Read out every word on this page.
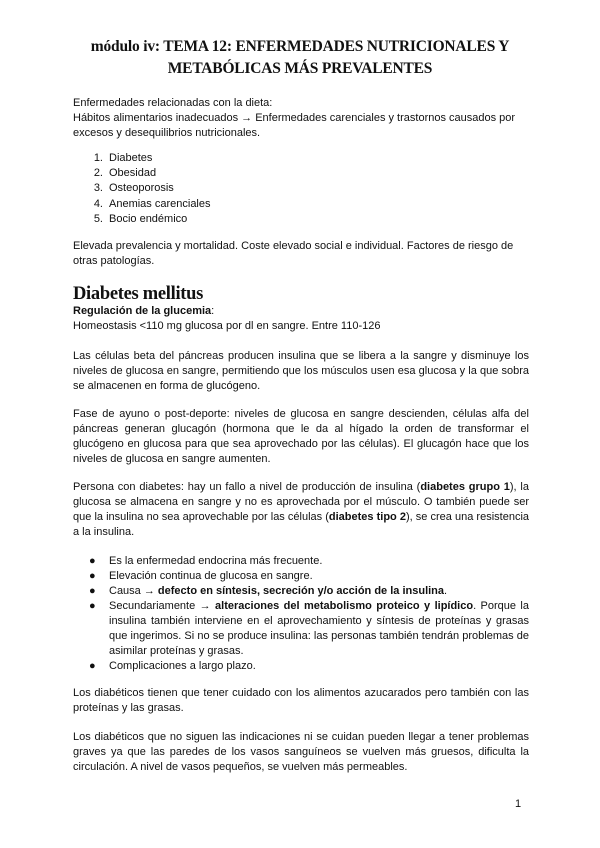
módulo iv: TEMA 12: ENFERMEDADES NUTRICIONALES Y
METABÓLICAS MÁS PREVALENTES
Enfermedades relacionadas con la dieta:
Hábitos alimentarios inadecuados → Enfermedades carenciales y trastornos causados por
excesos y desequilibrios nutricionales.
1. Diabetes
2. Obesidad
3. Osteoporosis
4. Anemias carenciales
5. Bocio endémico
Elevada prevalencia y mortalidad. Coste elevado social e individual. Factores de riesgo de
otras patologías.
Diabetes mellitus
Regulación de la glucemia:
Homeostasis <110 mg glucosa por dl en sangre. Entre 110-126
Las células beta del páncreas producen insulina que se libera a la sangre y disminuye los niveles de glucosa en sangre, permitiendo que los músculos usen esa glucosa y la que sobra se almacenen en forma de glucógeno.
Fase de ayuno o post-deporte: niveles de glucosa en sangre descienden, células alfa del páncreas generan glucagón (hormona que le da al hígado la orden de transformar el glucógeno en glucosa para que sea aprovechado por las células). El glucagón hace que los niveles de glucosa en sangre aumenten.
Persona con diabetes: hay un fallo a nivel de producción de insulina (diabetes grupo 1), la glucosa se almacena en sangre y no es aprovechada por el músculo. O también puede ser que la insulina no sea aprovechable por las células (diabetes tipo 2), se crea una resistencia a la insulina.
● Es la enfermedad endocrina más frecuente.
● Elevación continua de glucosa en sangre.
● Causa → defecto en síntesis, secreción y/o acción de la insulina.
● Secundariamente → alteraciones del metabolismo proteico y lipídico. Porque la insulina también interviene en el aprovechamiento y síntesis de proteínas y grasas que ingerimos. Si no se produce insulina: las personas también tendrán problemas de asimilar proteínas y grasas.
● Complicaciones a largo plazo.
Los diabéticos tienen que tener cuidado con los alimentos azucarados pero también con las proteínas y las grasas.
Los diabéticos que no siguen las indicaciones ni se cuidan pueden llegar a tener problemas graves ya que las paredes de los vasos sanguíneos se vuelven más gruesos, dificulta la circulación. A nivel de vasos pequeños, se vuelven más permeables.
1
